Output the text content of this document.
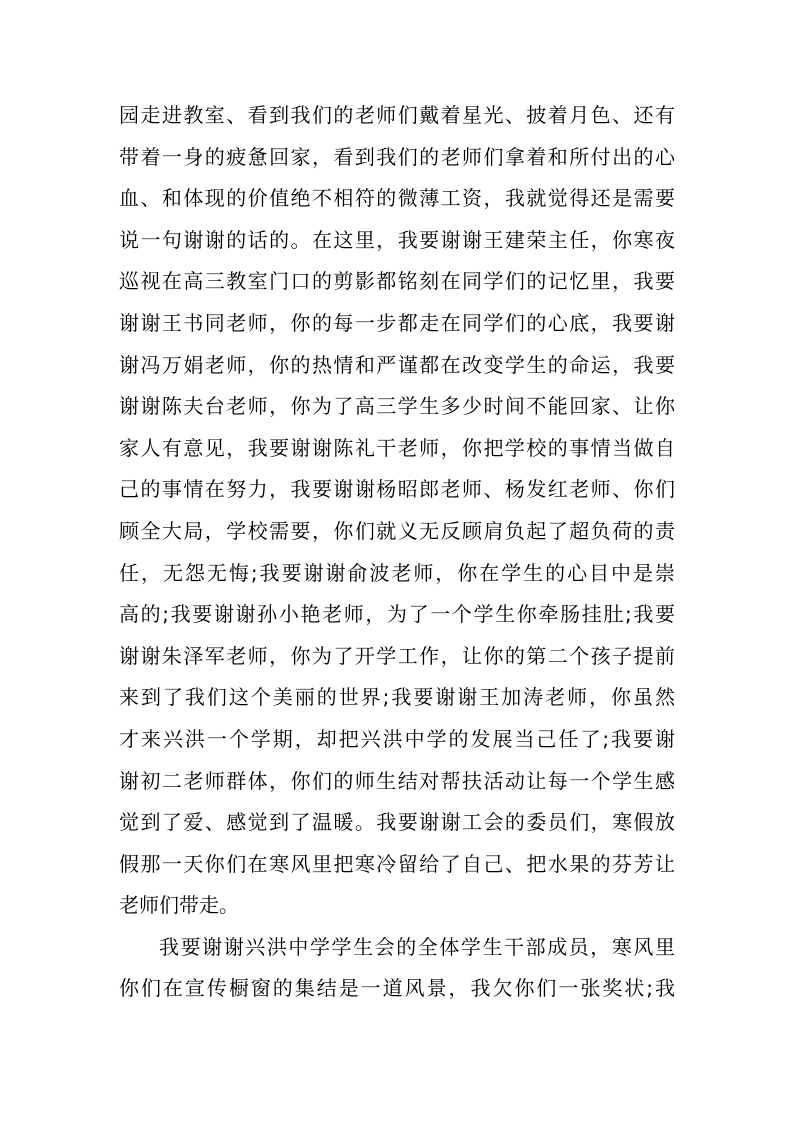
园走进教室、看到我们的老师们戴着星光、披着月色、还有
带着一身的疲惫回家，看到我们的老师们拿着和所付出的心
血、和体现的价值绝不相符的微薄工资，我就觉得还是需要
说一句谢谢的话的。在这里，我要谢谢王建荣主任，你寒夜
巡视在高三教室门口的剪影都铭刻在同学们的记忆里，我要
谢谢王书同老师，你的每一步都走在同学们的心底，我要谢
谢冯万娟老师，你的热情和严谨都在改变学生的命运，我要
谢谢陈夫台老师，你为了高三学生多少时间不能回家、让你
家人有意见，我要谢谢陈礼干老师，你把学校的事情当做自
己的事情在努力，我要谢谢杨昭郎老师、杨发红老师、你们
顾全大局，学校需要，你们就义无反顾肩负起了超负荷的责
任，无怨无悔;我要谢谢俞波老师，你在学生的心目中是崇
高的;我要谢谢孙小艳老师，为了一个学生你牵肠挂肚;我要
谢谢朱泽军老师，你为了开学工作，让你的第二个孩子提前
来到了我们这个美丽的世界;我要谢谢王加涛老师，你虽然
才来兴洪一个学期，却把兴洪中学的发展当己任了;我要谢
谢初二老师群体，你们的师生结对帮扶活动让每一个学生感
觉到了爱、感觉到了温暖。我要谢谢工会的委员们，寒假放
假那一天你们在寒风里把寒冷留给了自己、把水果的芬芳让
老师们带走。
我要谢谢兴洪中学学生会的全体学生干部成员，寒风里
你们在宣传橱窗的集结是一道风景，我欠你们一张奖状;我
